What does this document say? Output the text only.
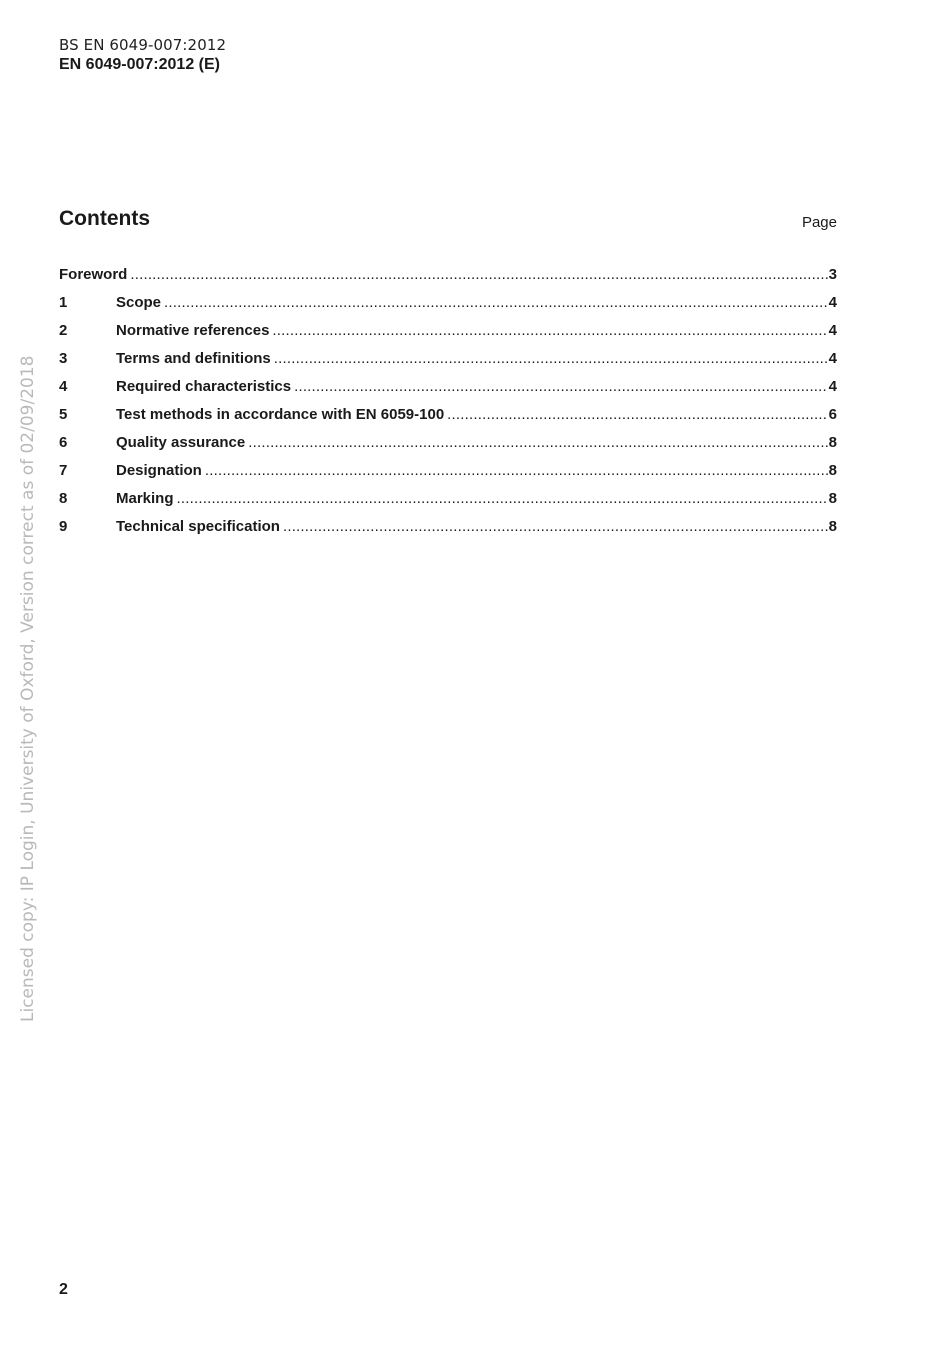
BS EN 6049-007:2012
EN 6049-007:2012 (E)
Contents	Page
Foreword .....	3
1	Scope .....	4
2	Normative references .....	4
3	Terms and definitions .....	4
4	Required characteristics .....	4
5	Test methods in accordance with EN 6059-100 .....	6
6	Quality assurance .....	8
7	Designation .....	8
8	Marking .....	8
9	Technical specification .....	8
Licensed copy: IP Login, University of Oxford, Version correct as of 02/09/2018
2
